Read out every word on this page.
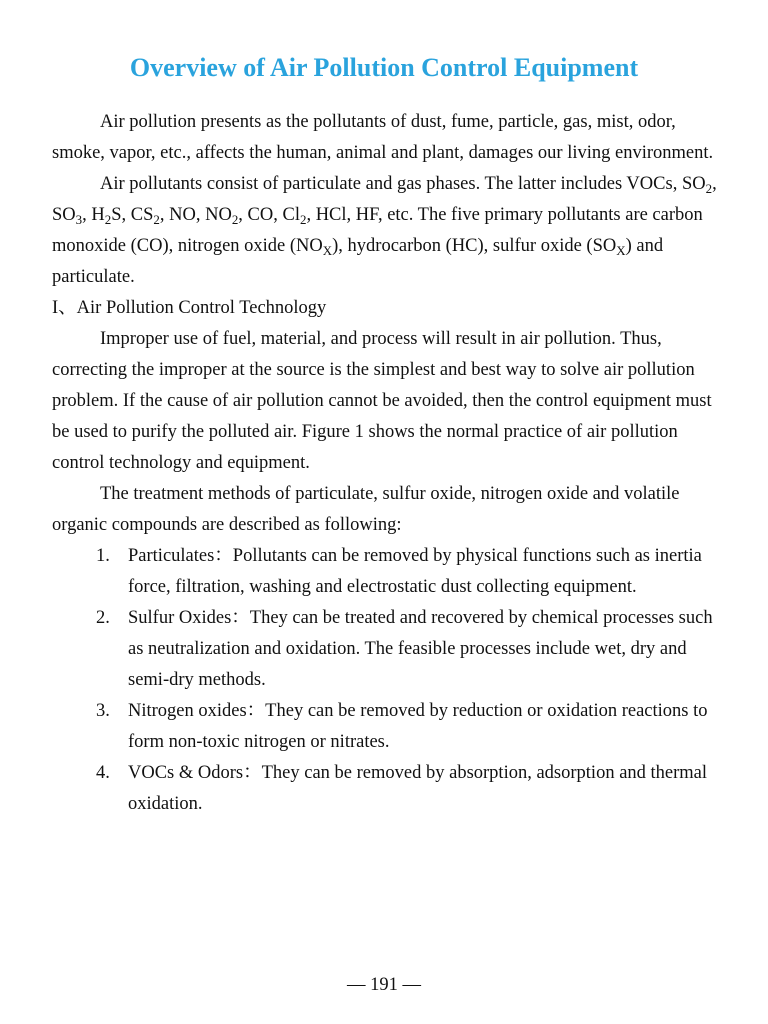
Overview of Air Pollution Control Equipment

Air pollution presents as the pollutants of dust, fume, particle, gas, mist, odor, smoke, vapor, etc., affects the human, animal and plant, damages our living environment.

Air pollutants consist of particulate and gas phases. The latter includes VOCs, $SO_2$, $SO_3$, $H_2S$, $CS_2$, NO, $NO_2$, CO, $Cl_2$, HCl, HF, etc. The five primary pollutants are carbon monoxide (CO), nitrogen oxide $(NO_X)$, hydrocarbon (HC), sulfur oxide $(SO_X)$ and particulate.

I、Air Pollution Control Technology

Improper use of fuel, material, and process will result in air pollution. Thus, correcting the improper at the source is the simplest and best way to solve air pollution problem. If the cause of air pollution cannot be avoided, then the control equipment must be used to purify the polluted air. Figure 1 shows the normal practice of air pollution control technology and equipment.

The treatment methods of particulate, sulfur oxide, nitrogen oxide and volatile organic compounds are described as following:

1. Particulates：Pollutants can be removed by physical functions such as inertia force, filtration, washing and electrostatic dust collecting equipment.
2. Sulfur Oxides：They can be treated and recovered by chemical processes such as neutralization and oxidation. The feasible processes include wet, dry and semi-dry methods.
3. Nitrogen oxides：They can be removed by reduction or oxidation reactions to form non-toxic nitrogen or nitrates.
4. VOCs & Odors：They can be removed by absorption, adsorption and thermal oxidation.
— 191 —
